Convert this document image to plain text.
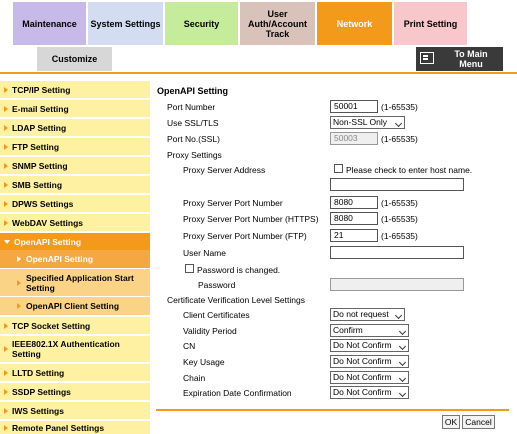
Maintenance System Settings	Security
User
Auth/Account
Track
Network	Print Setting
Customize	To Main
Menu
TCP/IP Setting
E-mail Setting
LDAP Setting
FTP Setting
SNMP Setting
SMB Setting
DPWS Settings
WebDAV Settings
OpenAPI Setting
OpenAPI Setting
Specified Application Start
Setting
OpenAPI Client Setting
TCP Socket Setting
IEEE802.1X Authentication
Setting
LLTD Setting
SSDP Settings
IWS Settings
Remote Panel Settings
OpenAPI Setting
Port Number	50001	(1-65535)
Use SSL/TLS	Non-SSL Only
Port No.(SSL)	50003	(1-65535)
Proxy Settings
Proxy Server Address	Please check to enter host name.
Proxy Server Port Number	8080	(1-65535)
Proxy Server Port Number (HTTPS)	8080	(1-65535)
Proxy Server Port Number (FTP)	21	(1-65535)
User Name
Password is changed.
Password
Certificate Verification Level Settings
Client Certificates	Do not request
Validity Period	Confirm
CN	Do Not Confirm
Key Usage	Do Not Confirm
Chain	Do Not Confirm
Expiration Date Confirmation	Do Not Confirm
OK Cancel
